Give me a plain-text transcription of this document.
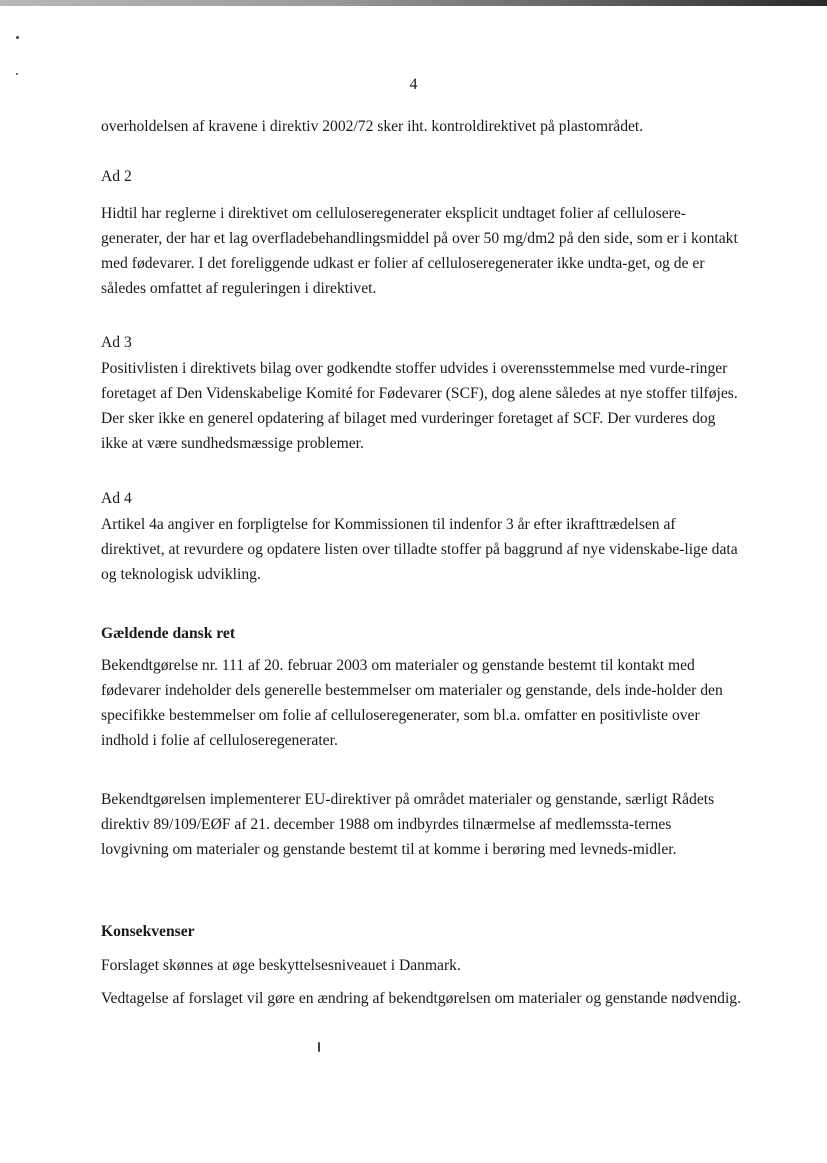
4

overholdelsen af kravene i direktiv 2002/72 sker iht. kontroldirektivet på plastområdet.

Ad 2

Hidtil har reglerne i direktivet om celluloseregenerater eksplicit undtaget folier af cellulosere-generater, der har et lag overfladebehandlingsmiddel på over 50 mg/dm2 på den side, som er i kontakt med fødevarer. I det foreliggende udkast er folier af celluloseregenerater ikke undta-get, og de er således omfattet af reguleringen i direktivet.

Ad 3

Positivlisten i direktivets bilag over godkendte stoffer udvides i overensstemmelse med vurde-ringer foretaget af Den Videnskabelige Komité for Fødevarer (SCF), dog alene således at nye stoffer tilføjes. Der sker ikke en generel opdatering af bilaget med vurderinger foretaget af SCF. Der vurderes dog ikke at være sundhedsmæssige problemer.

Ad 4

Artikel 4a angiver en forpligtelse for Kommissionen til indenfor 3 år efter ikrafttrædelsen af direktivet, at revurdere og opdatere listen over tilladte stoffer på baggrund af nye videnskabe-lige data og teknologisk udvikling.

Gældende dansk ret

Bekendtgørelse nr. 111 af 20. februar 2003 om materialer og genstande bestemt til kontakt med fødevarer indeholder dels generelle bestemmelser om materialer og genstande, dels inde-holder den specifikke bestemmelser om folie af celluloseregenerater, som bl.a. omfatter en positivliste over indhold i folie af celluloseregenerater.

Bekendtgørelsen implementerer EU-direktiver på området materialer og genstande, særligt Rådets direktiv 89/109/EØF af 21. december 1988 om indbyrdes tilnærmelse af medlemssta-ternes lovgivning om materialer og genstande bestemt til at komme i berøring med levneds-midler.

Konsekvenser

Forslaget skønnes at øge beskyttelsesniveauet i Danmark.

Vedtagelse af forslaget vil gøre en ændring af bekendtgørelsen om materialer og genstande nødvendig.
